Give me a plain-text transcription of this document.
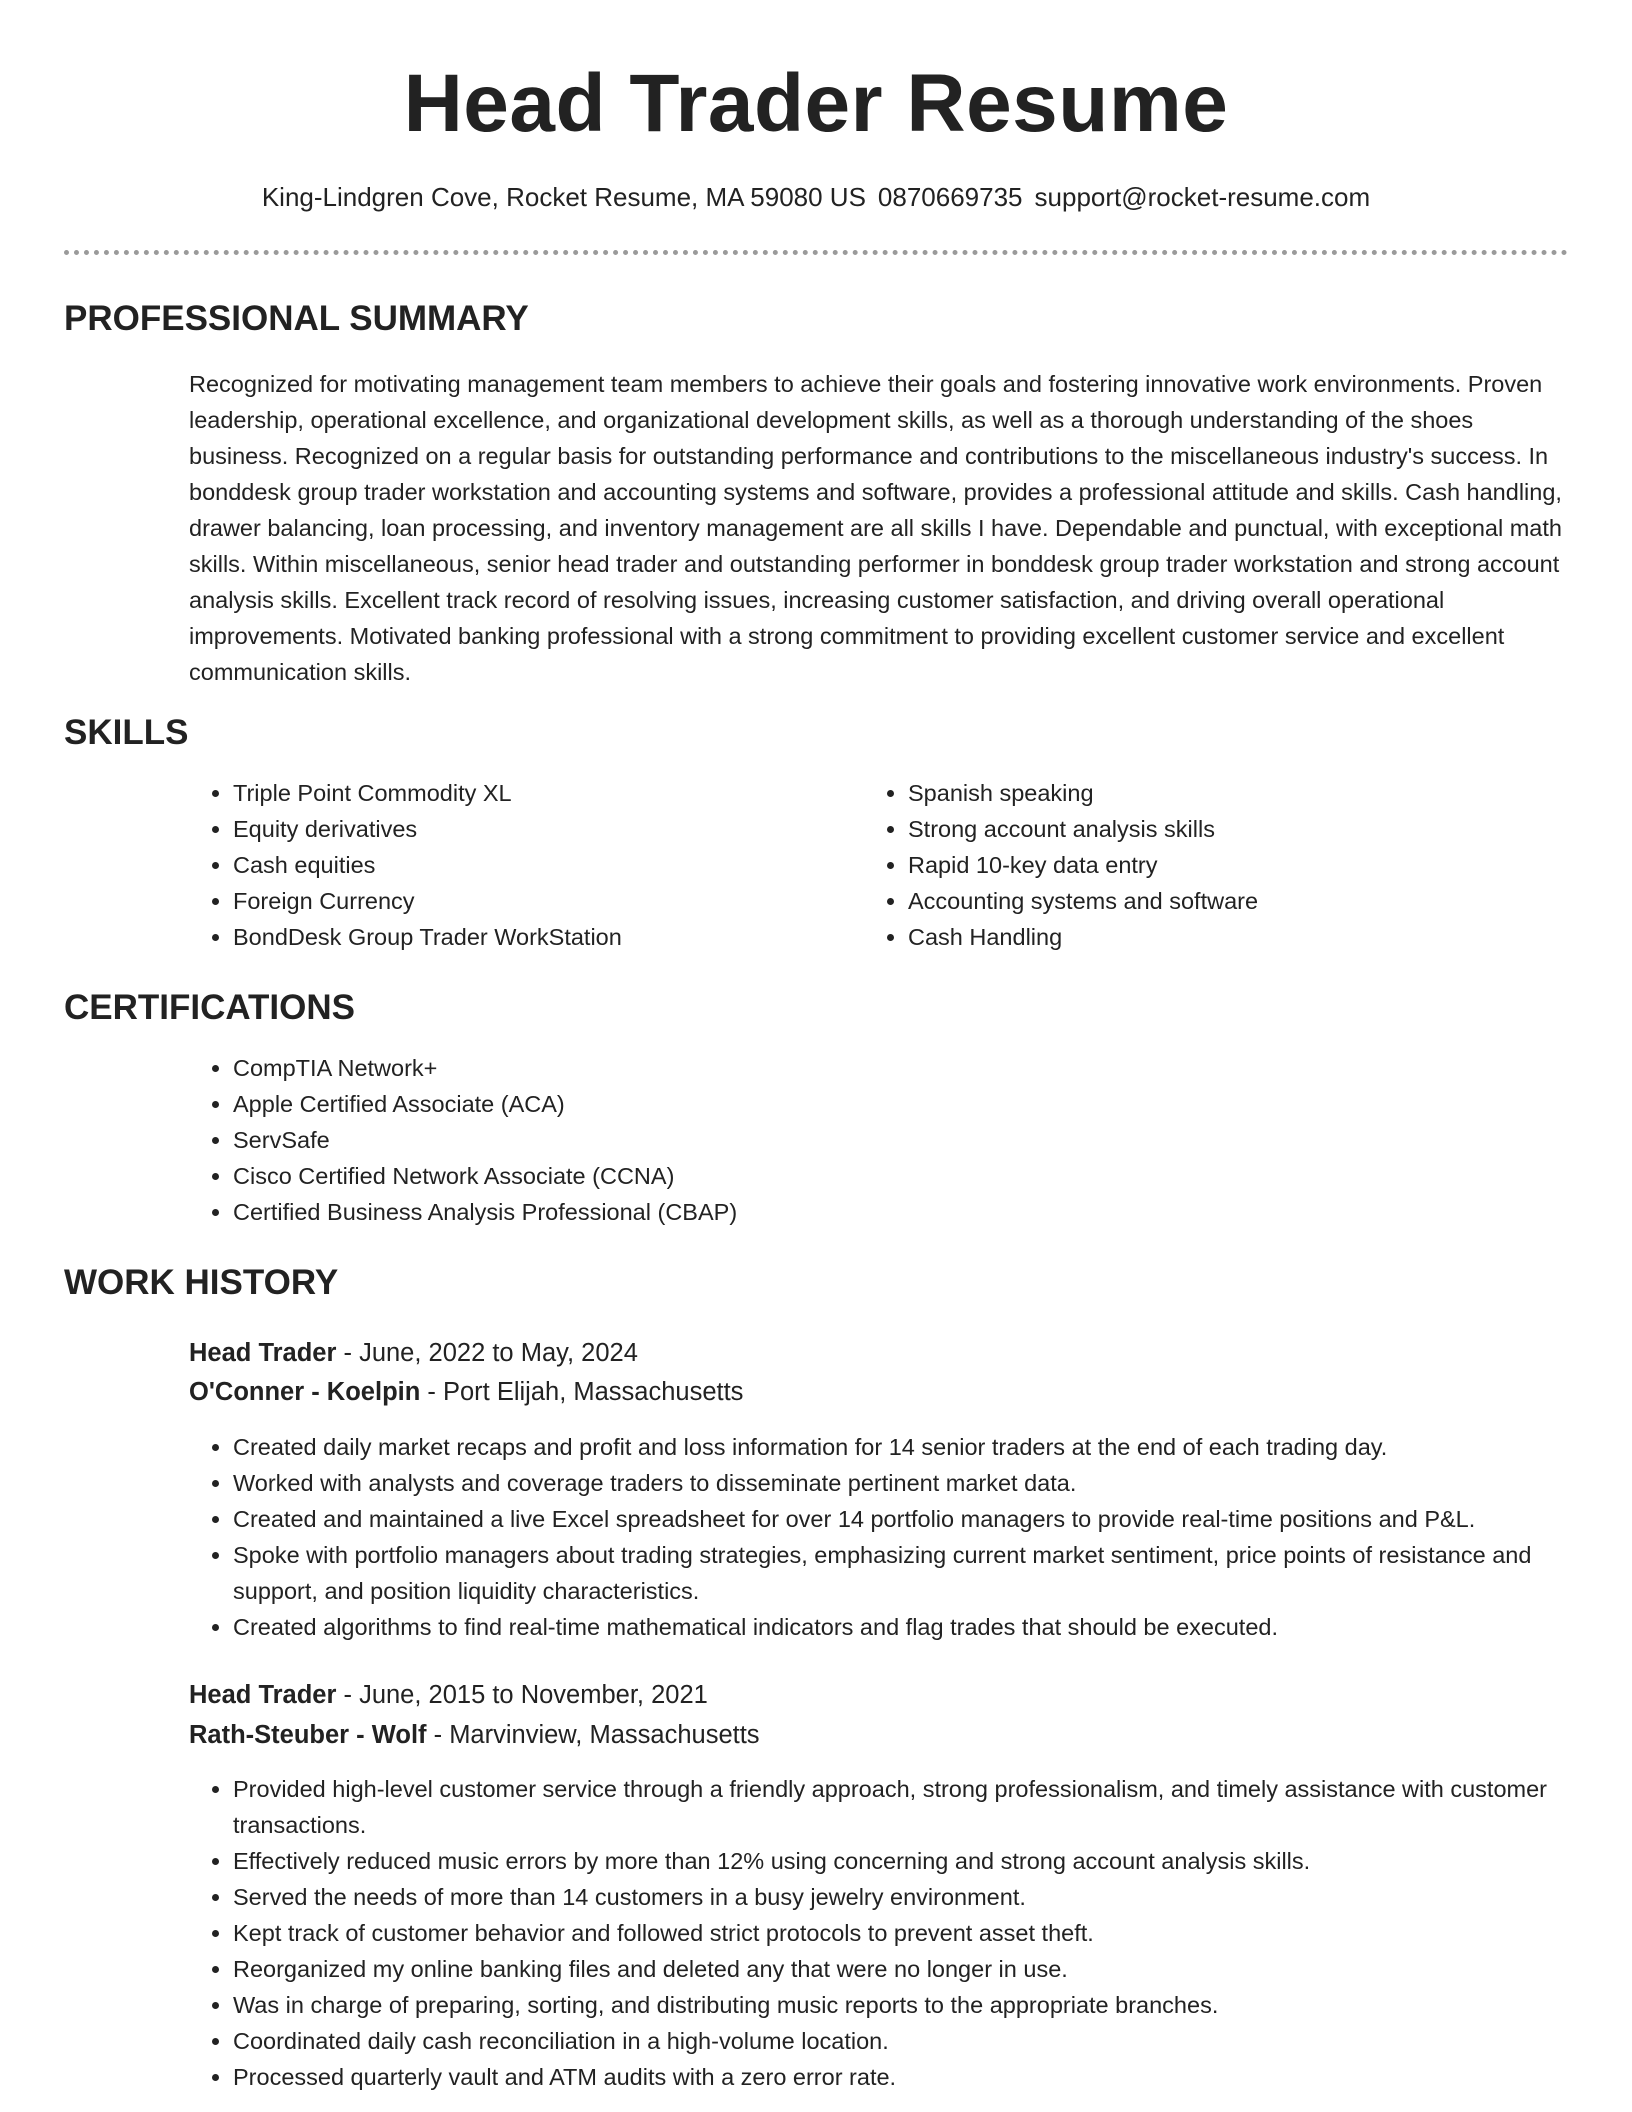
Head Trader Resume
King-Lindgren Cove, Rocket Resume, MA 59080 US 0870669735 support@rocket-resume.com
PROFESSIONAL SUMMARY

Recognized for motivating management team members to achieve their goals and fostering innovative work environments. Proven leadership, operational excellence, and organizational development skills, as well as a thorough understanding of the shoes business. Recognized on a regular basis for outstanding performance and contributions to the miscellaneous industry's success. In bonddesk group trader workstation and accounting systems and software, provides a professional attitude and skills. Cash handling, drawer balancing, loan processing, and inventory management are all skills I have. Dependable and punctual, with exceptional math skills. Within miscellaneous, senior head trader and outstanding performer in bonddesk group trader workstation and strong account analysis skills. Excellent track record of resolving issues, increasing customer satisfaction, and driving overall operational improvements. Motivated banking professional with a strong commitment to providing excellent customer service and excellent communication skills.

SKILLS
• Triple Point Commodity XL
• Equity derivatives
• Cash equities
• Foreign Currency
• BondDesk Group Trader WorkStation
• Spanish speaking
• Strong account analysis skills
• Rapid 10-key data entry
• Accounting systems and software
• Cash Handling
CERTIFICATIONS
• CompTIA Network+
• Apple Certified Associate (ACA)
• ServSafe
• Cisco Certified Network Associate (CCNA)
• Certified Business Analysis Professional (CBAP)
WORK HISTORY
Head Trader - June, 2022 to May, 2024
O'Conner - Koelpin - Port Elijah, Massachusetts
• Created daily market recaps and profit and loss information for 14 senior traders at the end of each trading day.
• Worked with analysts and coverage traders to disseminate pertinent market data.
• Created and maintained a live Excel spreadsheet for over 14 portfolio managers to provide real-time positions and P&L.
• Spoke with portfolio managers about trading strategies, emphasizing current market sentiment, price points of resistance and support, and position liquidity characteristics.
• Created algorithms to find real-time mathematical indicators and flag trades that should be executed.
Head Trader - June, 2015 to November, 2021
Rath-Steuber - Wolf - Marvinview, Massachusetts
• Provided high-level customer service through a friendly approach, strong professionalism, and timely assistance with customer transactions.
• Effectively reduced music errors by more than 12% using concerning and strong account analysis skills.
• Served the needs of more than 14 customers in a busy jewelry environment.
• Kept track of customer behavior and followed strict protocols to prevent asset theft.
• Reorganized my online banking files and deleted any that were no longer in use.
• Was in charge of preparing, sorting, and distributing music reports to the appropriate branches.
• Coordinated daily cash reconciliation in a high-volume location.
• Processed quarterly vault and ATM audits with a zero error rate.
